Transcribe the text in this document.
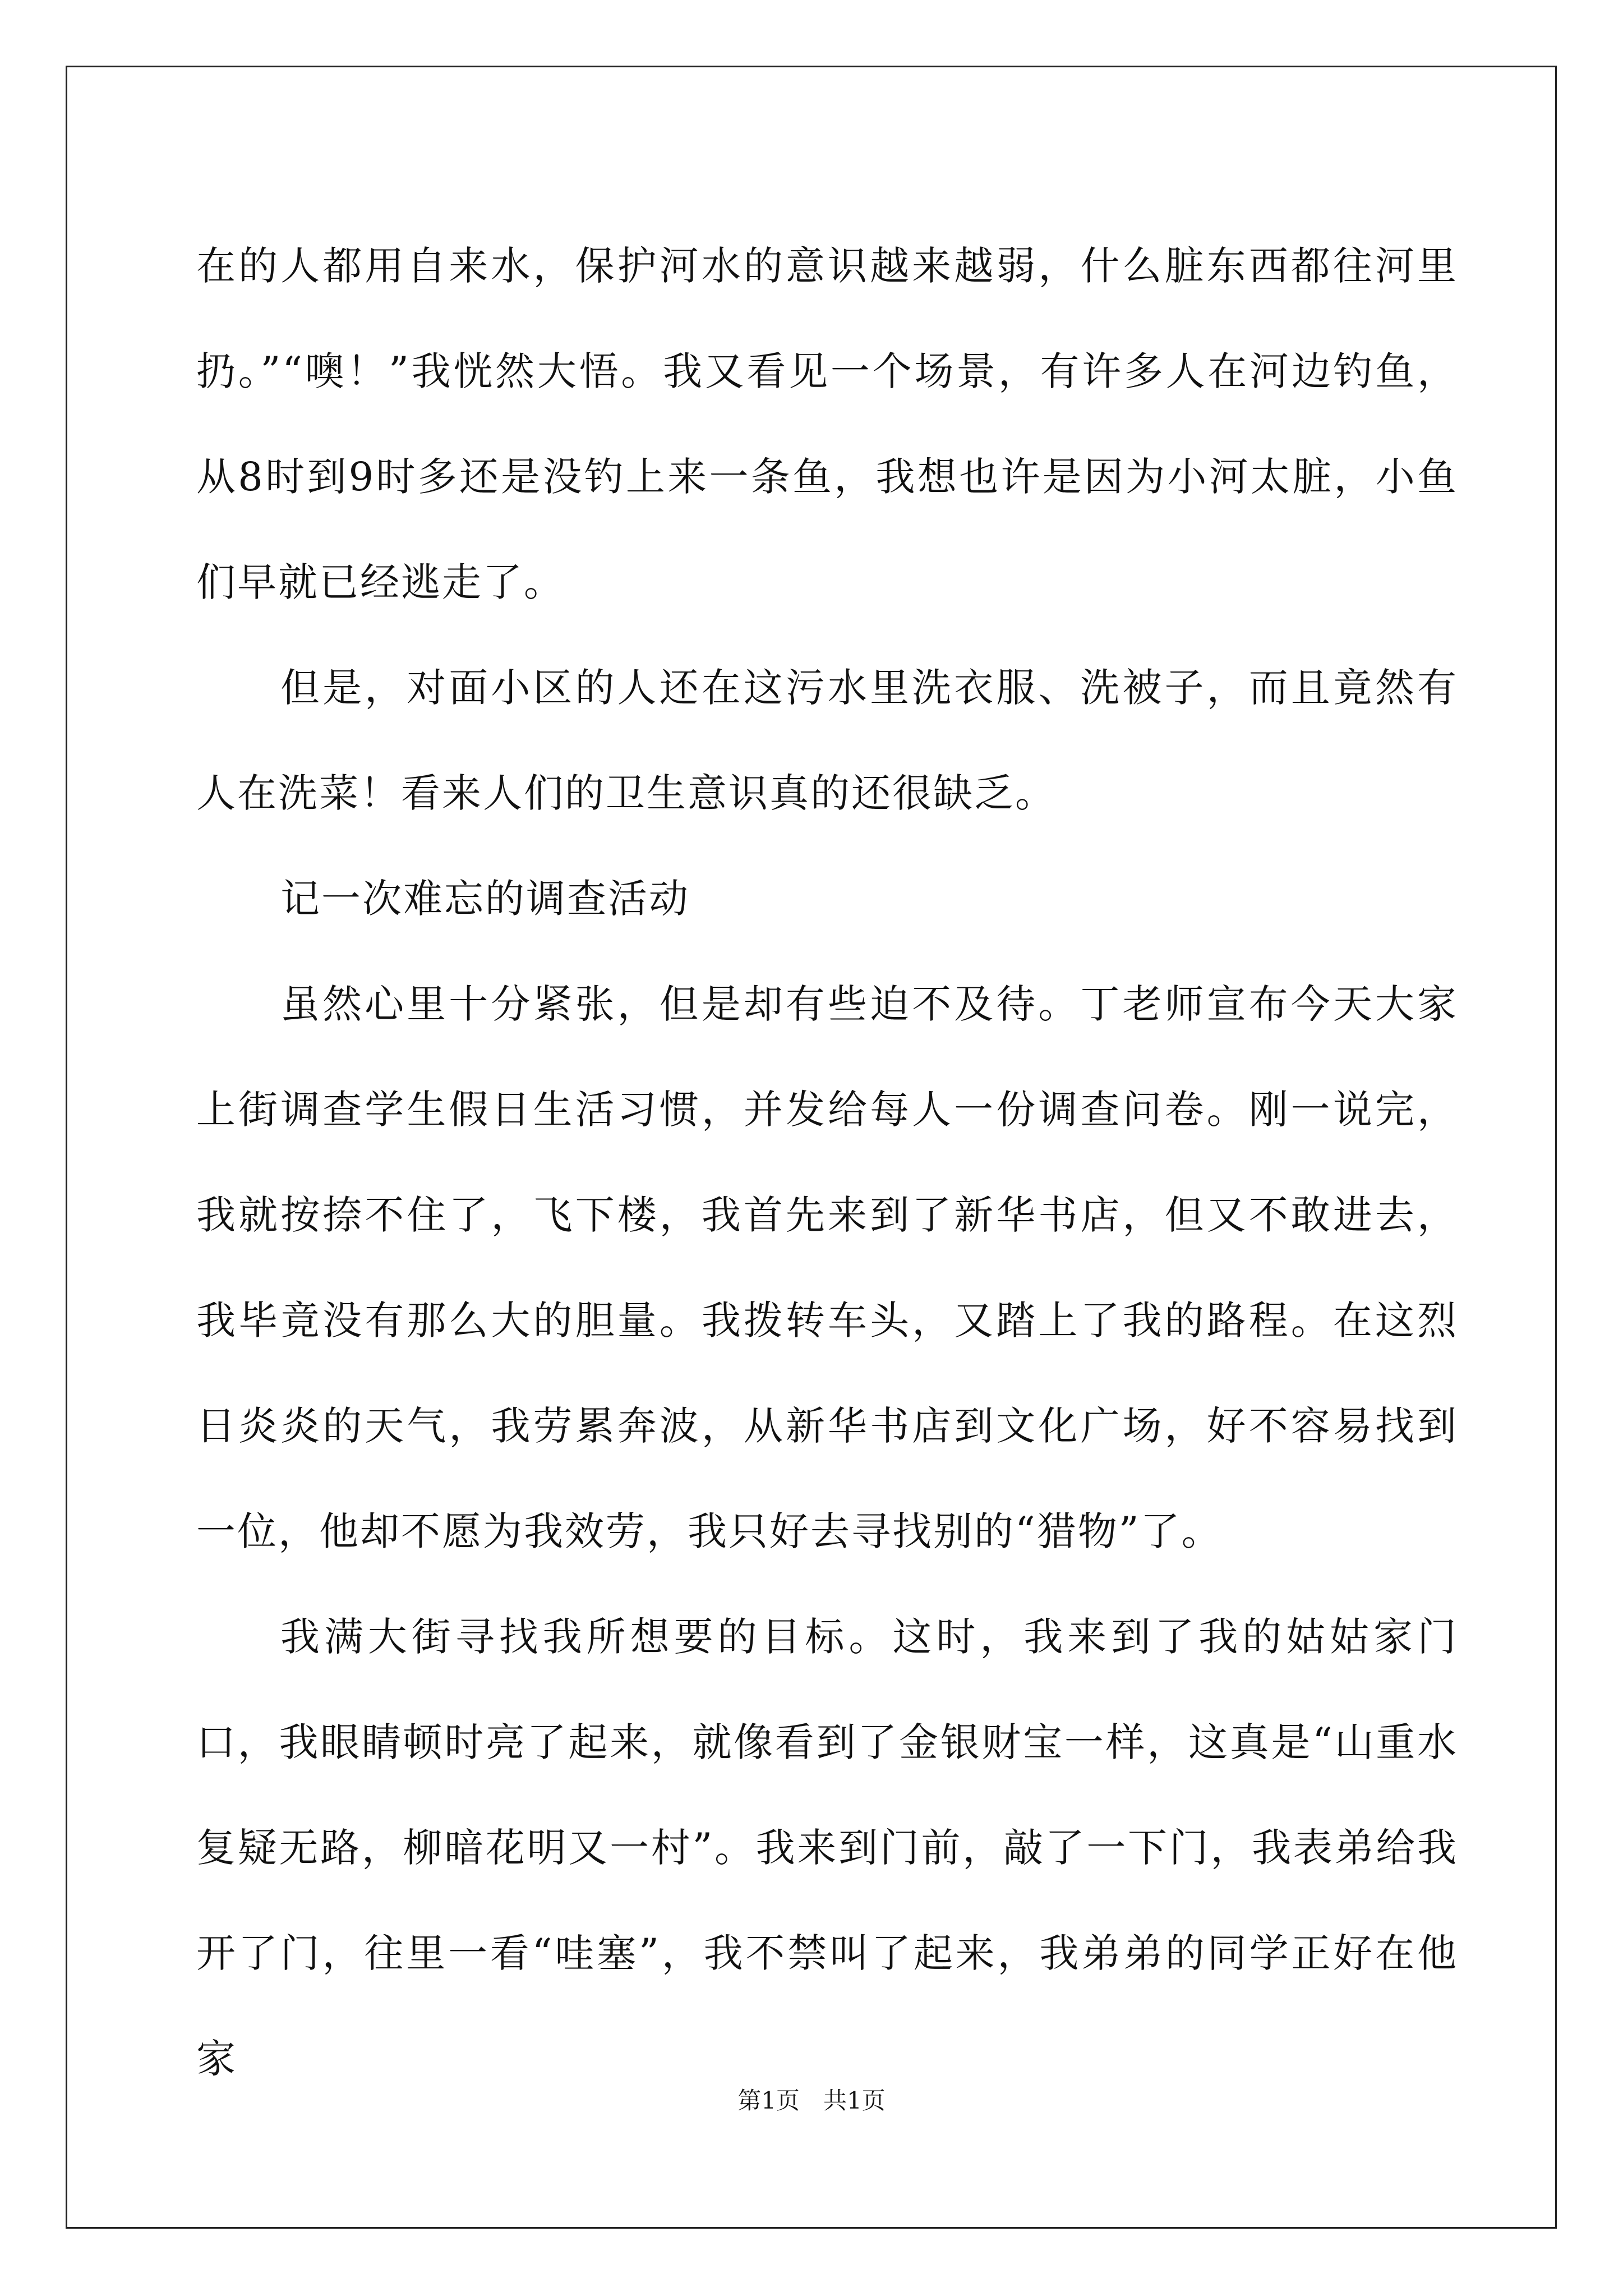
在的人都用自来水，保护河水的意识越来越弱，什么脏东西都往河里扔。”“噢！”我恍然大悟。我又看见一个场景，有许多人在河边钓鱼，从8时到9时多还是没钓上来一条鱼，我想也许是因为小河太脏，小鱼们早就已经逃走了。

但是，对面小区的人还在这污水里洗衣服、洗被子，而且竟然有人在洗菜！看来人们的卫生意识真的还很缺乏。

记一次难忘的调查活动

虽然心里十分紧张，但是却有些迫不及待。丁老师宣布今天大家上街调查学生假日生活习惯，并发给每人一份调查问卷。刚一说完，我就按捺不住了，飞下楼，我首先来到了新华书店，但又不敢进去，我毕竟没有那么大的胆量。我拨转车头，又踏上了我的路程。在这烈日炎炎的天气，我劳累奔波，从新华书店到文化广场，好不容易找到一位，他却不愿为我效劳，我只好去寻找别的“猎物”了。

我满大街寻找我所想要的目标。这时，我来到了我的姑姑家门口，我眼睛顿时亮了起来，就像看到了金银财宝一样，这真是“山重水复疑无路，柳暗花明又一村”。我来到门前，敲了一下门，我表弟给我开了门，往里一看“哇塞”，我不禁叫了起来，我弟弟的同学正好在他家

第1页　共1页
